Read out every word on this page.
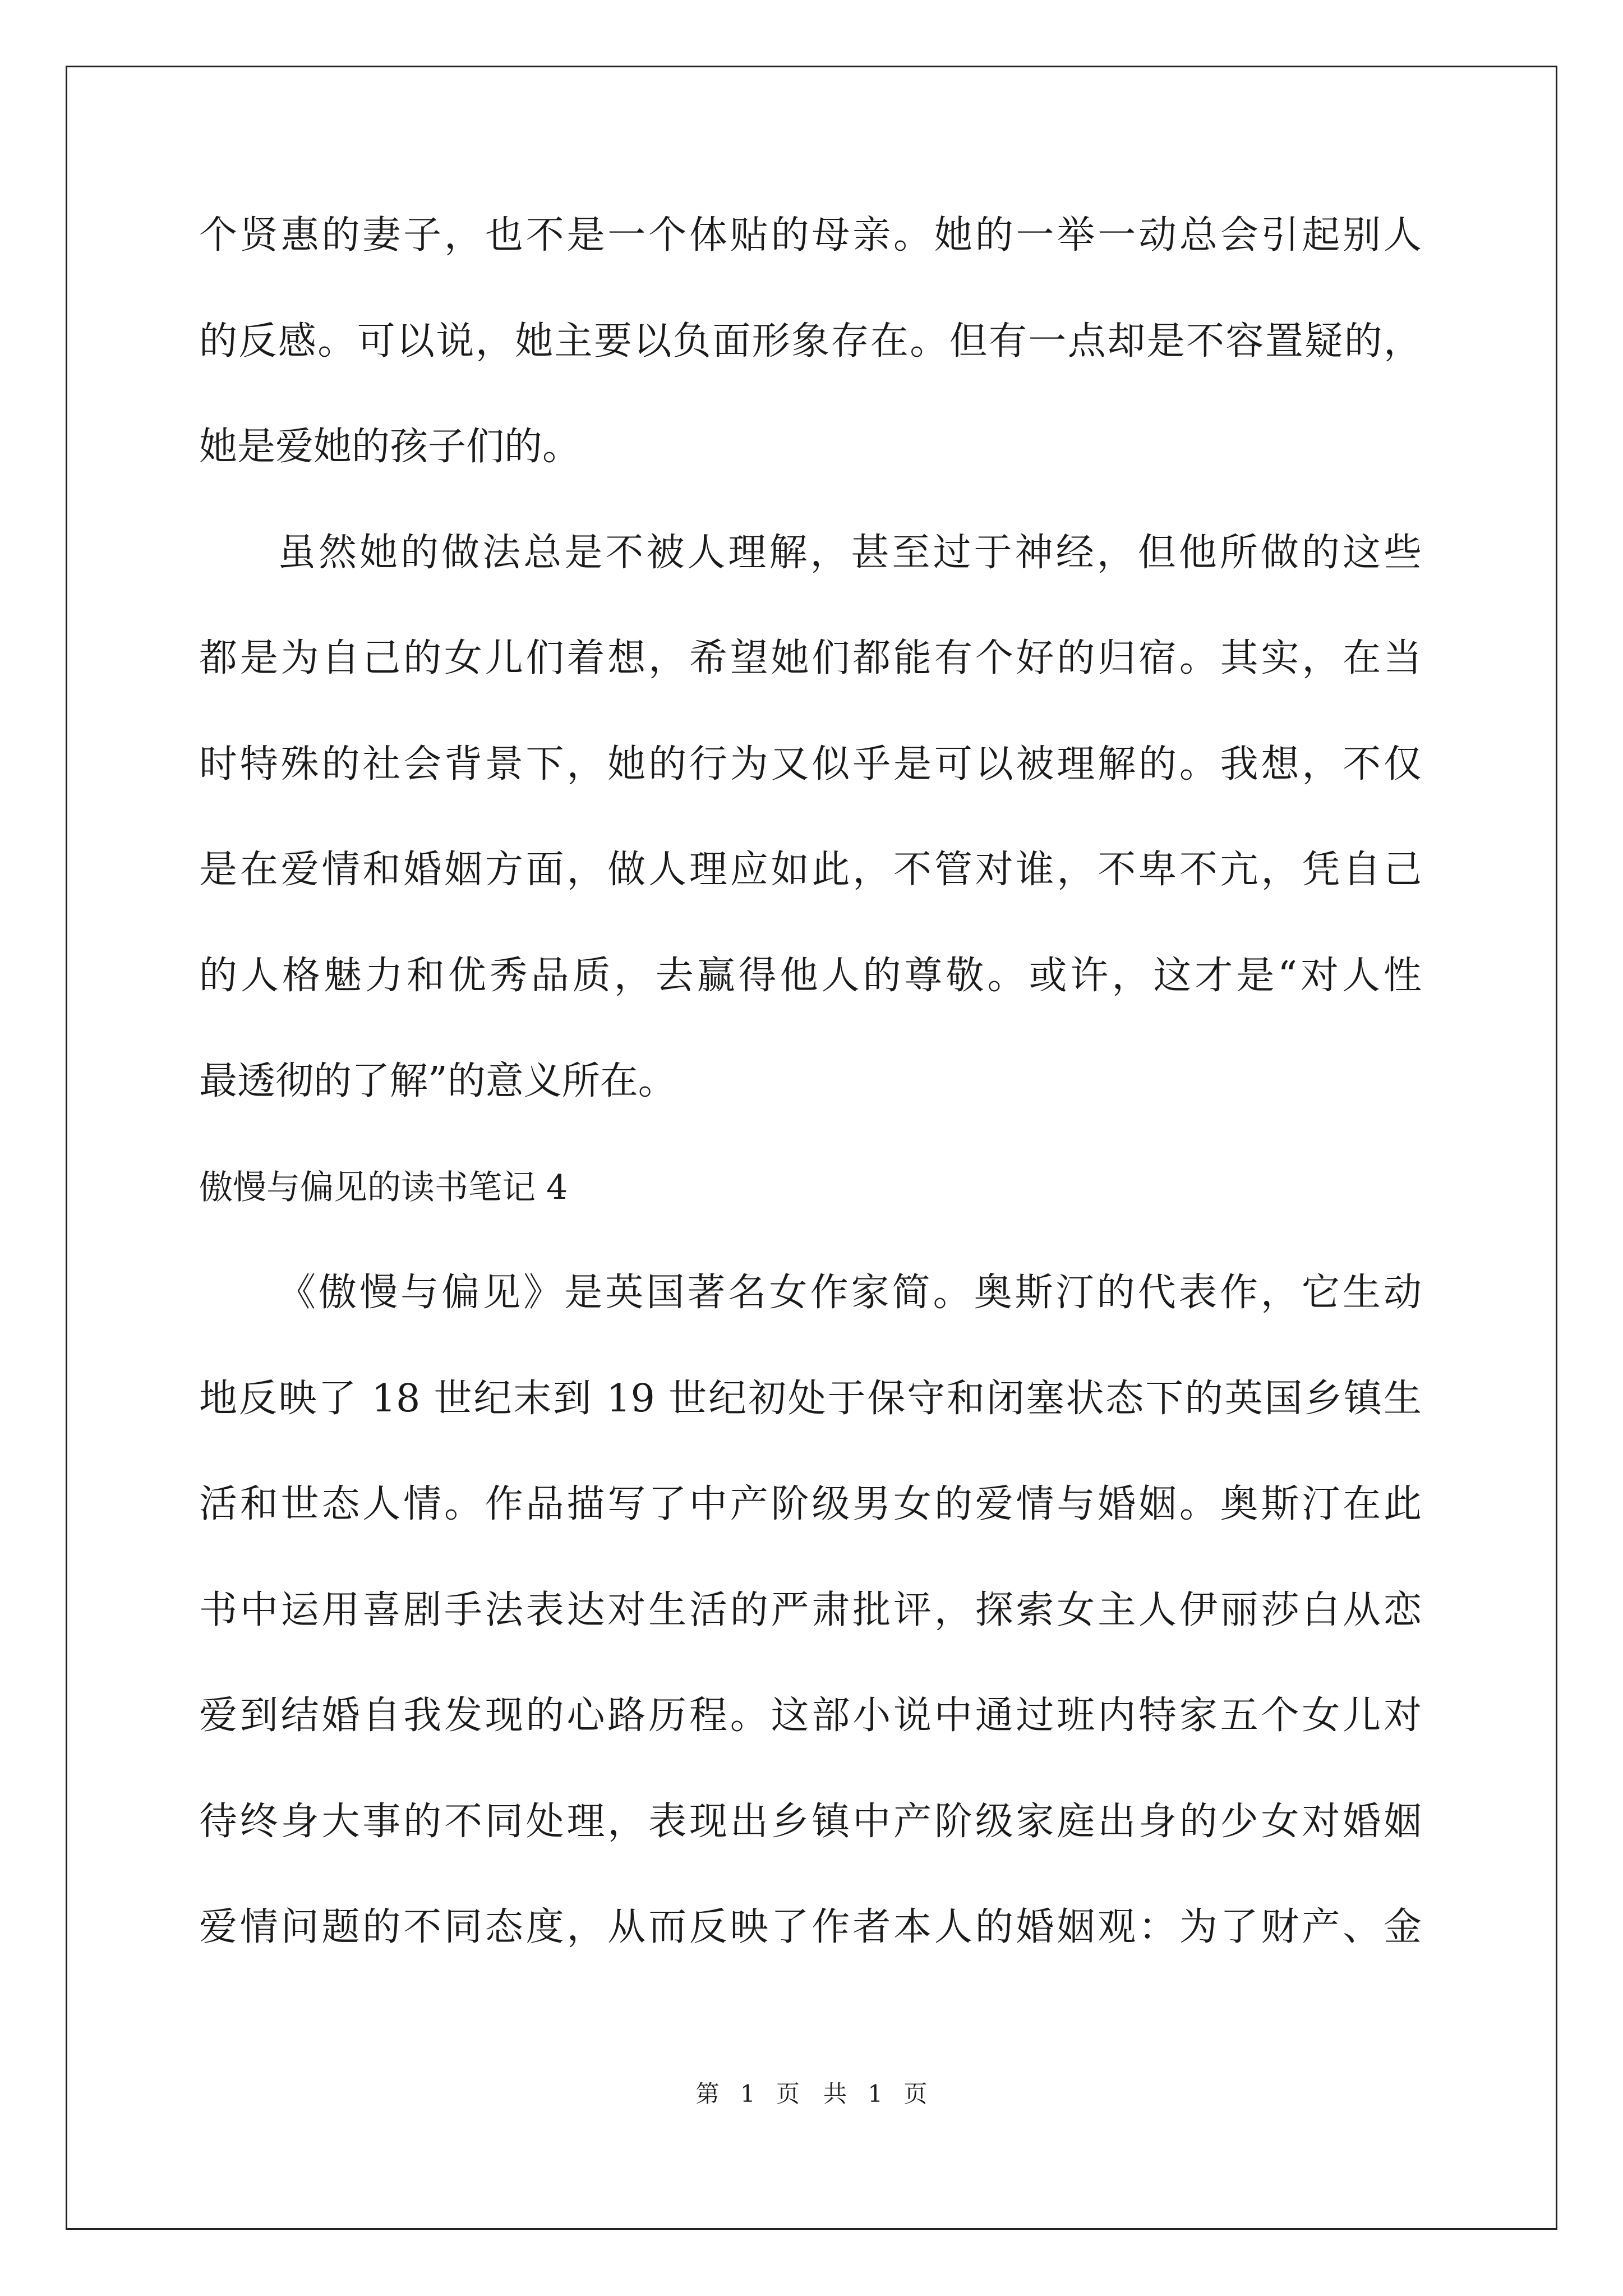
个贤惠的妻子，也不是一个体贴的母亲。她的一举一动总会引起别人
的反感。可以说，她主要以负面形象存在。但有一点却是不容置疑的，
她是爱她的孩子们的。
虽然她的做法总是不被人理解，甚至过于神经，但他所做的这些
都是为自己的女儿们着想，希望她们都能有个好的归宿。其实，在当
时特殊的社会背景下，她的行为又似乎是可以被理解的。我想，不仅
是在爱情和婚姻方面，做人理应如此，不管对谁，不卑不亢，凭自己
的人格魅力和优秀品质，去赢得他人的尊敬。或许，这才是“对人性
最透彻的了解”的意义所在。
傲慢与偏见的读书笔记 4
《傲慢与偏见》是英国著名女作家简。奥斯汀的代表作，它生动
地反映了 18 世纪末到 19 世纪初处于保守和闭塞状态下的英国乡镇生
活和世态人情。作品描写了中产阶级男女的爱情与婚姻。奥斯汀在此
书中运用喜剧手法表达对生活的严肃批评，探索女主人伊丽莎白从恋
爱到结婚自我发现的心路历程。这部小说中通过班内特家五个女儿对
待终身大事的不同处理，表现出乡镇中产阶级家庭出身的少女对婚姻
爱情问题的不同态度，从而反映了作者本人的婚姻观：为了财产、金
第 1 页　共 1 页
